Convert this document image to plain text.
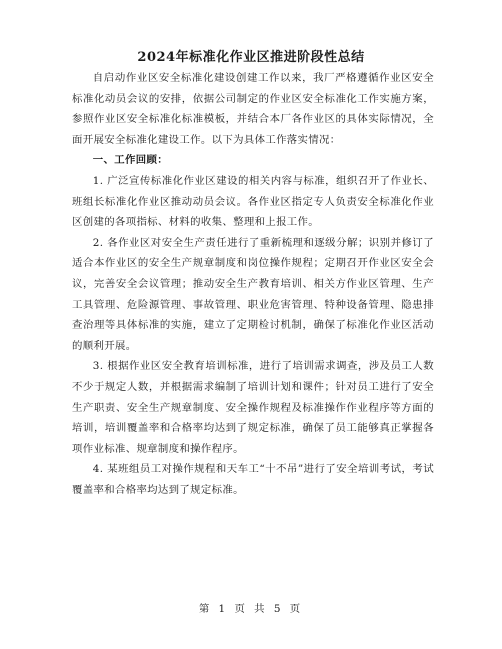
2024年标准化作业区推进阶段性总结

自启动作业区安全标准化建设创建工作以来，我厂严格遵循作业区安全标准化动员会议的安排，依据公司制定的作业区安全标准化工作实施方案，参照作业区安全标准化标准模板，并结合本厂各作业区的具体实际情况，全面开展安全标准化建设工作。以下为具体工作落实情况：

一、工作回顾：

1. 广泛宣传标准化作业区建设的相关内容与标准，组织召开了作业长、班组长标准化作业区推动动员会议。各作业区指定专人负责安全标准化作业区创建的各项指标、材料的收集、整理和上报工作。

2. 各作业区对安全生产责任进行了重新梳理和逐级分解；识别并修订了适合本作业区的安全生产规章制度和岗位操作规程；定期召开作业区安全会议，完善安全会议管理；推动安全生产教育培训、相关方作业区管理、生产工具管理、危险源管理、事故管理、职业危害管理、特种设备管理、隐患排查治理等具体标准的实施，建立了定期检讨机制，确保了标准化作业区活动的顺利开展。

3. 根据作业区安全教育培训标准，进行了培训需求调查，涉及员工人数不少于规定人数，并根据需求编制了培训计划和课件；针对员工进行了安全生产职责、安全生产规章制度、安全操作规程及标准操作作业程序等方面的培训，培训覆盖率和合格率均达到了规定标准，确保了员工能够真正掌握各项作业标准、规章制度和操作程序。

4. 某班组员工对操作规程和天车工“十不吊”进行了安全培训考试，考试覆盖率和合格率均达到了规定标准。

第 1 页 共 5 页
